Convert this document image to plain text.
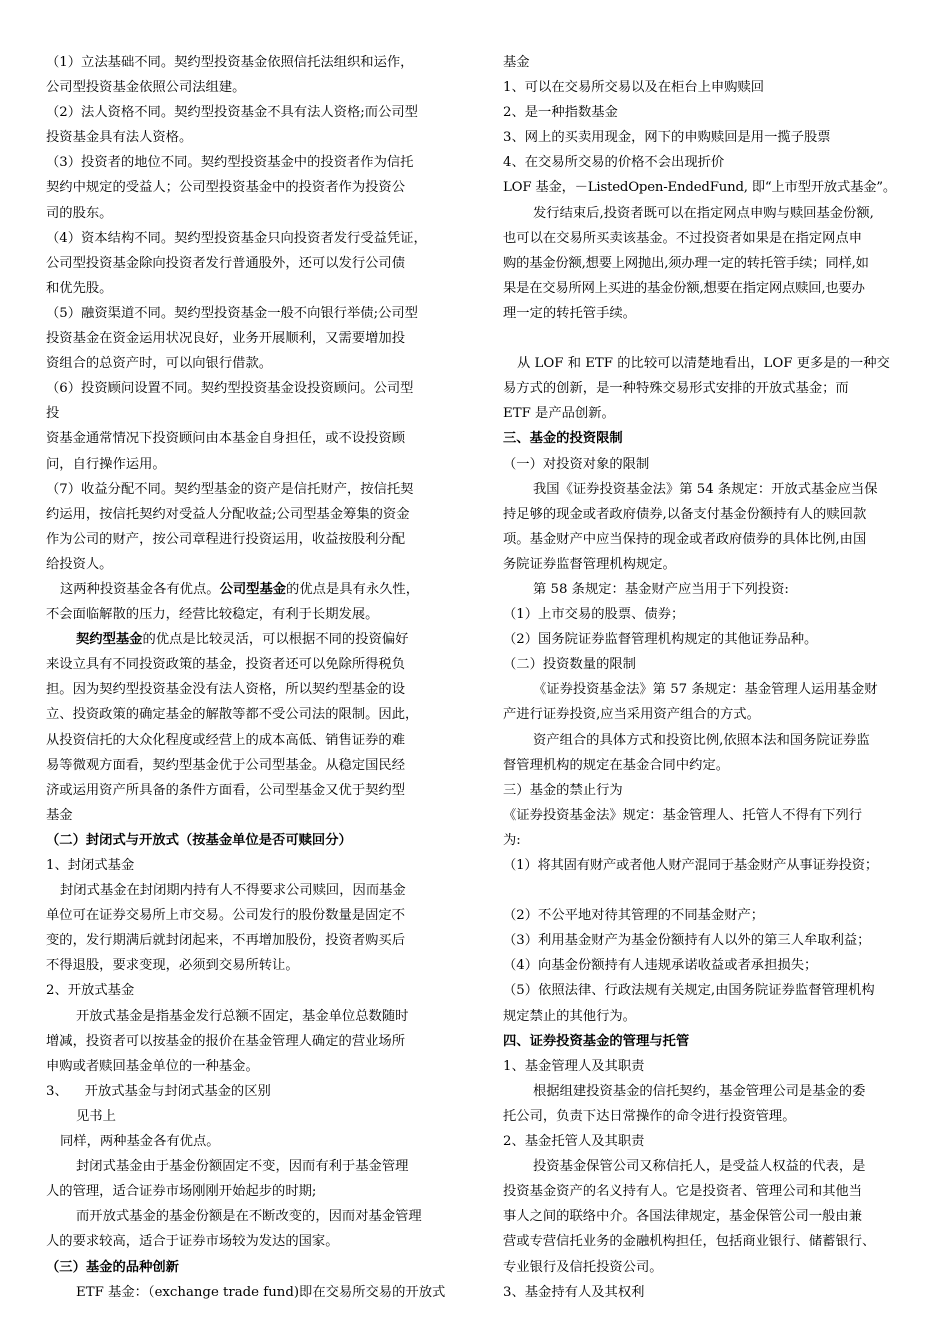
（1）立法基础不同。契约型投资基金依照信托法组织和运作，

公司型投资基金依照公司法组建。

（2）法人资格不同。契约型投资基金不具有法人资格;而公司型

投资基金具有法人资格。

（3）投资者的地位不同。契约型投资基金中的投资者作为信托

契约中规定的受益人；公司型投资基金中的投资者作为投资公

司的股东。

（4）资本结构不同。契约型投资基金只向投资者发行受益凭证，

公司型投资基金除向投资者发行普通股外，还可以发行公司债

和优先股。

（5）融资渠道不同。契约型投资基金一般不向银行举债;公司型

投资基金在资金运用状况良好，业务开展顺利，又需要增加投

资组合的总资产时，可以向银行借款。

（6）投资顾问设置不同。契约型投资基金设投资顾问。公司型

投

资基金通常情况下投资顾问由本基金自身担任，或不设投资顾

问，自行操作运用。

（7）收益分配不同。契约型基金的资产是信托财产，按信托契

约运用，按信托契约对受益人分配收益;公司型基金筹集的资金

作为公司的财产，按公司章程进行投资运用，收益按股利分配

给投资人。

这两种投资基金各有优点。公司型基金的优点是具有永久性，

不会面临解散的压力，经营比较稳定，有利于长期发展。

契约型基金的优点是比较灵活，可以根据不同的投资偏好

来设立具有不同投资政策的基金，投资者还可以免除所得税负

担。因为契约型投资基金没有法人资格，所以契约型基金的设

立、投资政策的确定基金的解散等都不受公司法的限制。因此，

从投资信托的大众化程度或经营上的成本高低、销售证券的难

易等微观方面看，契约型基金优于公司型基金。从稳定国民经

济或运用资产所具备的条件方面看，公司型基金又优于契约型

基金

（二）封闭式与开放式（按基金单位是否可赎回分）

1、封闭式基金

封闭式基金在封闭期内持有人不得要求公司赎回，因而基金

单位可在证券交易所上市交易。公司发行的股份数量是固定不

变的，发行期满后就封闭起来，不再增加股份，投资者购买后

不得退股，要求变现，必须到交易所转让。

2、开放式基金

开放式基金是指基金发行总额不固定，基金单位总数随时

增减，投资者可以按基金的报价在基金管理人确定的营业场所

申购或者赎回基金单位的一种基金。

3、    开放式基金与封闭式基金的区别

见书上

同样，两种基金各有优点。

封闭式基金由于基金份额固定不变，因而有利于基金管理

人的管理，适合证券市场刚刚开始起步的时期;

而开放式基金的基金份额是在不断改变的，因而对基金管理

人的要求较高，适合于证券市场较为发达的国家。

（三）基金的品种创新

ETF 基金：（exchange trade fund)即在交易所交易的开放式

基金

1、可以在交易所交易以及在柜台上申购赎回

2、是一种指数基金

3、网上的买卖用现金，网下的申购赎回是用一揽子股票

4、在交易所交易的价格不会出现折价

LOF 基金，－ListedOpen-EndedFund, 即“上市型开放式基金”。

发行结束后,投资者既可以在指定网点申购与赎回基金份额,

也可以在交易所买卖该基金。不过投资者如果是在指定网点申

购的基金份额,想要上网抛出,须办理一定的转托管手续；同样,如

果是在交易所网上买进的基金份额,想要在指定网点赎回,也要办

理一定的转托管手续。

从 LOF 和 ETF 的比较可以清楚地看出，LOF 更多是的一种交

易方式的创新，是一种特殊交易形式安排的开放式基金；而

ETF 是产品创新。

三、基金的投资限制

（一）对投资对象的限制

我国《证券投资基金法》第 54 条规定：开放式基金应当保

持足够的现金或者政府债券,以备支付基金份额持有人的赎回款

项。基金财产中应当保持的现金或者政府债券的具体比例,由国

务院证券监督管理机构规定。

第 58 条规定：基金财产应当用于下列投资:

（1）上市交易的股票、债券；

（2）国务院证券监督管理机构规定的其他证券品种。

（二）投资数量的限制

《证券投资基金法》第 57 条规定：基金管理人运用基金财

产进行证券投资,应当采用资产组合的方式。

资产组合的具体方式和投资比例,依照本法和国务院证券监

督管理机构的规定在基金合同中约定。

三）基金的禁止行为

《证券投资基金法》规定：基金管理人、托管人不得有下列行

为:

（1）将其固有财产或者他人财产混同于基金财产从事证券投资；

（2）不公平地对待其管理的不同基金财产；

（3）利用基金财产为基金份额持有人以外的第三人牟取利益；

（4）向基金份额持有人违规承诺收益或者承担损失；

（5）依照法律、行政法规有关规定,由国务院证券监督管理机构

规定禁止的其他行为。

四、证券投资基金的管理与托管

1、基金管理人及其职责

根据组建投资基金的信托契约，基金管理公司是基金的委

托公司，负责下达日常操作的命令进行投资管理。

2、基金托管人及其职责

投资基金保管公司又称信托人，是受益人权益的代表，是

投资基金资产的名义持有人。它是投资者、管理公司和其他当

事人之间的联络中介。各国法律规定，基金保管公司一般由兼

营或专营信托业务的金融机构担任，包括商业银行、储蓄银行、

专业银行及信托投资公司。

3、基金持有人及其权利
